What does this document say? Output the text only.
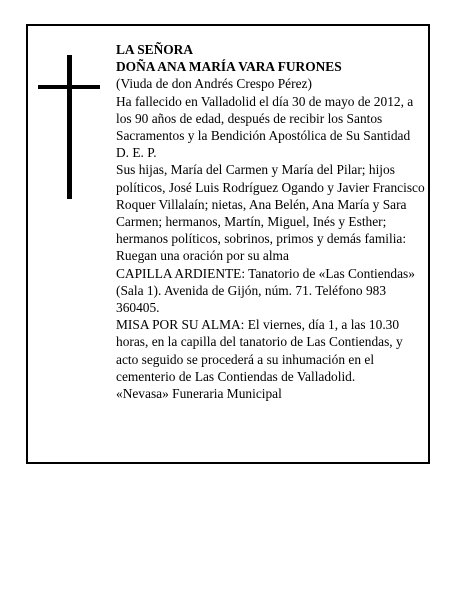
LA SEÑORA

DOÑA ANA MARÍA VARA FURONES

(Viuda de don Andrés Crespo Pérez)

Ha fallecido en Valladolid el día 30 de mayo de 2012, a los 90 años de edad, después de recibir los Santos Sacramentos y la Bendición Apostólica de Su Santidad

D. E. P.

Sus hijas, María del Carmen y María del Pilar; hijos políticos, José Luis Rodríguez Ogando y Javier Francisco Roquer Villalaín; nietas, Ana Belén, Ana María y Sara Carmen; hermanos, Martín, Miguel, Inés y Esther; hermanos políticos, sobrinos, primos y demás familia:

Ruegan una oración por su alma

CAPILLA ARDIENTE: Tanatorio de «Las Contiendas» (Sala 1). Avenida de Gijón, núm. 71. Teléfono 983 360405.

MISA POR SU ALMA: El viernes, día 1, a las 10.30 horas, en la capilla del tanatorio de Las Contiendas, y acto seguido se procederá a su inhumación en el cementerio de Las Contiendas de Valladolid.

«Nevasa» Funeraria Municipal
